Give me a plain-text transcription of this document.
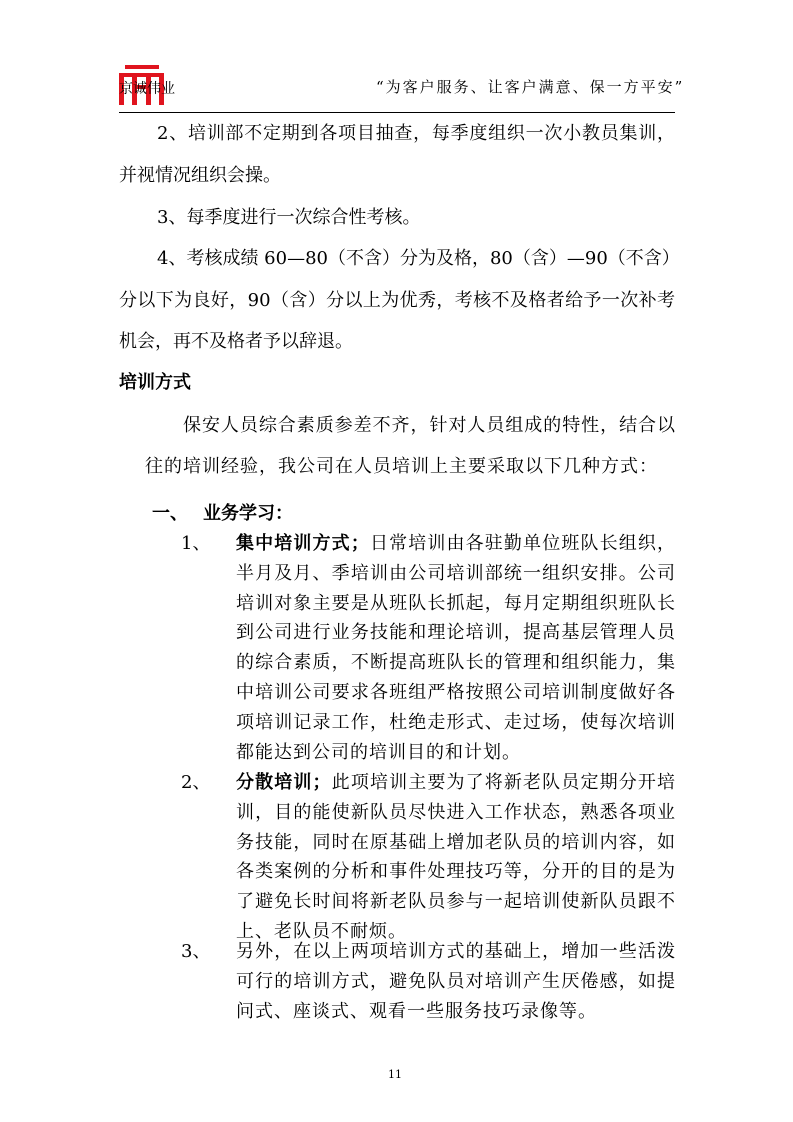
京诚伟业	“为客户服务、让客户满意、保一方平安”
2、培训部不定期到各项目抽查，每季度组织一次小教员集训，
并视情况组织会操。
3、每季度进行一次综合性考核。
4、考核成绩 60—80（不含）分为及格，80（含）—90（不含）
分以下为良好，90（含）分以上为优秀，考核不及格者给予一次补考
机会，再不及格者予以辞退。
培训方式
保安人员综合素质参差不齐，针对人员组成的特性，结合以
往的培训经验，我公司在人员培训上主要采取以下几种方式：
一、 业务学习：
1、 集中培训方式；日常培训由各驻勤单位班队长组织，
半月及月、季培训由公司培训部统一组织安排。公司
培训对象主要是从班队长抓起，每月定期组织班队长
到公司进行业务技能和理论培训，提高基层管理人员
的综合素质，不断提高班队长的管理和组织能力，集
中培训公司要求各班组严格按照公司培训制度做好各
项培训记录工作，杜绝走形式、走过场，使每次培训
都能达到公司的培训目的和计划。
2、 分散培训；此项培训主要为了将新老队员定期分开培
训，目的能使新队员尽快进入工作状态，熟悉各项业
务技能，同时在原基础上增加老队员的培训内容，如
各类案例的分析和事件处理技巧等，分开的目的是为
了避免长时间将新老队员参与一起培训使新队员跟不
上、老队员不耐烦。
3、 另外，在以上两项培训方式的基础上，增加一些活泼
可行的培训方式，避免队员对培训产生厌倦感，如提
问式、座谈式、观看一些服务技巧录像等。
11
